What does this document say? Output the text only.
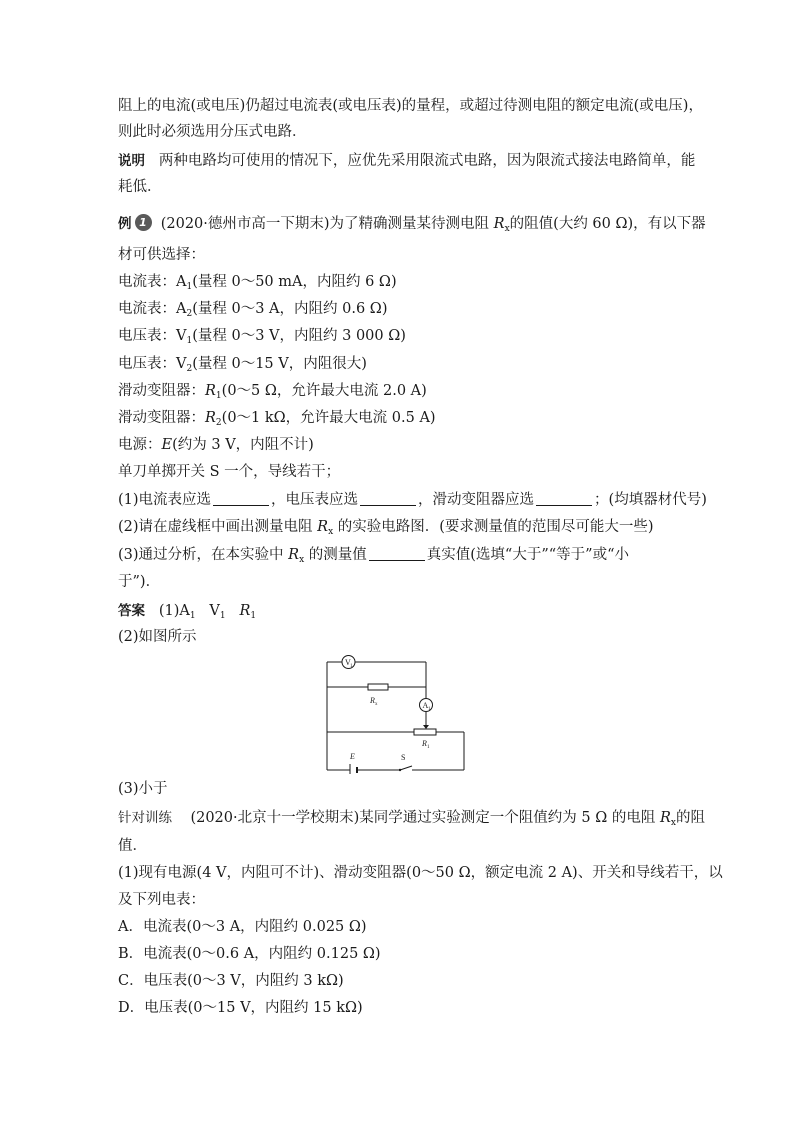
阻上的电流(或电压)仍超过电流表(或电压表)的量程，或超过待测电阻的额定电流(或电压)，
则此时必须选用分压式电路．
说明 两种电路均可使用的情况下，应优先采用限流式电路，因为限流式接法电路简单，能
耗低．
例 1 (2020·德州市高一下期末)为了精确测量某待测电阻 $R_x$的阻值(大约 60 Ω)，有以下器
材可供选择：
电流表：$A_1$(量程 0～50 mA，内阻约 6 Ω)
电流表：$A_2$(量程 0～3 A，内阻约 0.6 Ω)
电压表：$V_1$(量程 0～3 V，内阻约 3 000 Ω)
电压表：$V_2$(量程 0～15 V，内阻很大)
滑动变阻器：$R_1(0\sim 5$ Ω，允许最大电流 2.0 A)
滑动变阻器：$R_2(0\sim 1$ kΩ，允许最大电流 0.5 A)
电源：E(约为 3 V，内阻不计)
单刀单掷开关 S 一个，导线若干；
(1)电流表应选	，电压表应选	，滑动变阻器应选	；(均填器材代号)
(2)请在虚线框中画出测量电阻 $R_x$ 的实验电路图．(要求测量值的范围尽可能大一些)
(3)通过分析，在本实验中 $R_x$ 的测量值	真实值(选填“大于”“等于”或“小
于”)．
答案 $(1)A_1$ $V_1$ $R_1$
(2)如图所示
V 1
R x	A 1
R 1
E	S
(3)小于
针对训练 (2020·北京十一学校期末)某同学通过实验测定一个阻值约为 5 Ω 的电阻 $R_x$的阻
值．
(1)现有电源(4 V，内阻可不计)、滑动变阻器(0～50 Ω，额定电流 2 A)、开关和导线若干，以
及下列电表：
A．电流表(0～3 A，内阻约 0.025 Ω)
B．电流表(0～0.6 A，内阻约 0.125 Ω)
C．电压表(0～3 V，内阻约 3 kΩ)
D．电压表(0～15 V，内阻约 15 kΩ)
